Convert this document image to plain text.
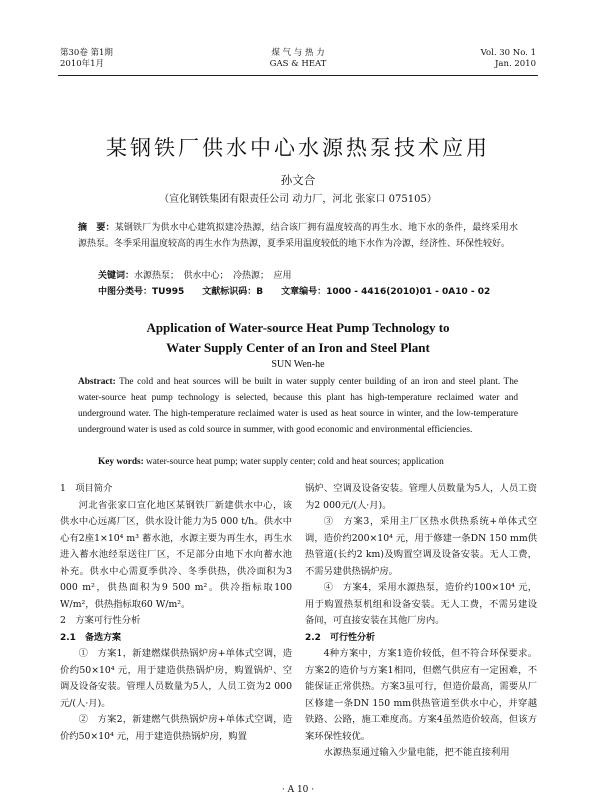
第30卷 第1期
2010年1月
煤 气 与 热 力
GAS & HEAT
Vol. 30 No. 1
Jan. 2010
某钢铁厂供水中心水源热泵技术应用
孙文合
（宣化钢铁集团有限责任公司 动力厂，河北 张家口 075105）
摘　要：某钢铁厂为供水中心建筑拟建冷热源，结合该厂拥有温度较高的再生水、地下水的条件，最终采用水源热泵。冬季采用温度较高的再生水作为热源，夏季采用温度较低的地下水作为冷源，经济性、环保性较好。
关键词：水源热泵；　供水中心；　冷热源；　应用
中图分类号：TU995 文献标识码：B 文章编号：1000 - 4416(2010)01 - 0A10 - 02
Application of Water-source Heat Pump Technology to
Water Supply Center of an Iron and Steel Plant
SUN Wen-he
Abstract: The cold and heat sources will be built in water supply center building of an iron and steel plant. The water-source heat pump technology is selected, because this plant has high-temperature reclaimed water and underground water. The high-temperature reclaimed water is used as heat source in winter, and the low-temperature underground water is used as cold source in summer, with good economic and environmental efficiencies.
Key words: water-source heat pump; water supply center; cold and heat sources; application

1　项目简介

河北省张家口宣化地区某钢铁厂新建供水中心，该供水中心远离厂区，供水设计能力为5 000 t/h。供水中心有2座1×10⁴ m³ 蓄水池，水源主要为再生水，再生水进入蓄水池经泵送往厂区，不足部分由地下水向蓄水池补充。供水中心需夏季供冷、冬季供热，供冷面积为3 000 m²，供热面积为9 500 m²。供冷指标取100 W/m²，供热指标取60 W/m²。

2　方案可行性分析

2.1　备选方案

①　方案1，新建燃煤供热锅炉房+单体式空调，造价约50×10⁴ 元，用于建造供热锅炉房，购置锅炉、空调及设备安装。管理人员数量为5人，人员工资为2 000元/(人·月)。

②　方案2，新建燃气供热锅炉房+单体式空调，造价约50×10⁴ 元，用于建造供热锅炉房，购置

锅炉、空调及设备安装。管理人员数量为5人，人员工资为2 000元/(人·月)。

③　方案3，采用主厂区热水供热系统+单体式空调，造价约200×10⁴ 元，用于修建一条DN 150 mm供热管道(长约2 km)及购置空调及设备安装。无人工费，不需另建供热锅炉房。

④　方案4，采用水源热泵，造价约100×10⁴ 元，用于购置热泵机组和设备安装。无人工费，不需另建设备间，可直接安装在其他厂房内。

2.2　可行性分析

4种方案中，方案1造价较低，但不符合环保要求。方案2的造价与方案1相同，但燃气供应有一定困难，不能保证正常供热。方案3虽可行，但造价最高，需要从厂区修建一条DN 150 mm供热管道至供水中心，并穿越铁路、公路，施工难度高。方案4虽然造价较高，但该方案环保性较优。

水源热泵通过输入少量电能，把不能直接利用

· A 10 ·
